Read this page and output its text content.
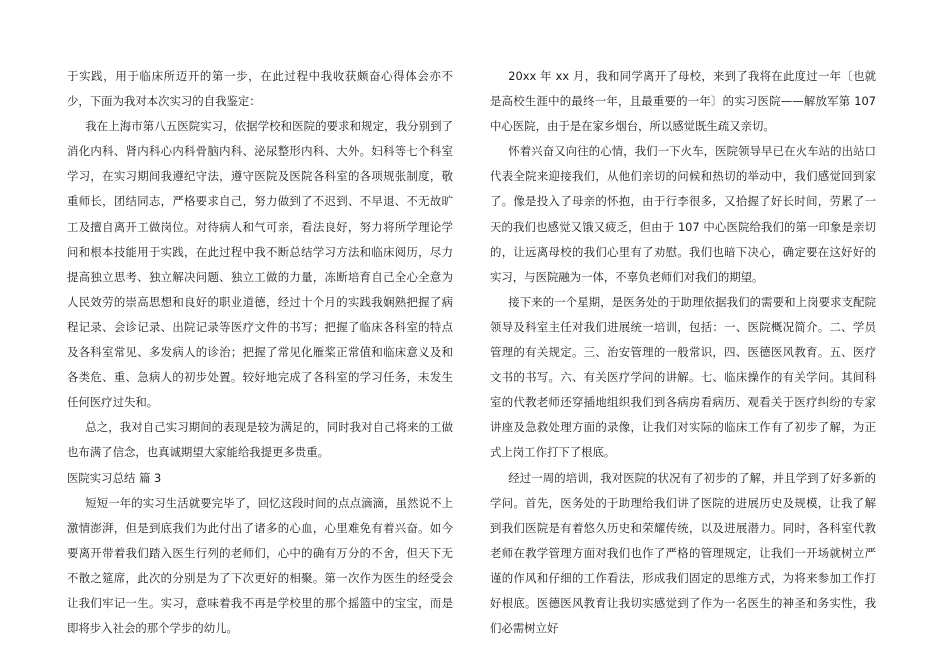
于实践，用于临床所迈开的第一步，在此过程中我收获颇奋心得体会亦不少，下面为我对本次实习的自我鉴定：

我在上海市第八五医院实习，依据学校和医院的要求和规定，我分别到了消化内科、肾内科心内科骨脑内科、泌尿整形内科、大外。妇科等七个科室学习，在实习期间我遵纪守法，遵守医院及医院各科室的各项规张制度，敬重师长，团结同志，严格要求自己，努力做到了不迟到、不早退、不无故旷工及擅自离开工做岗位。对待病人和气可亲，看法良好，努力将所学理论学问和根本技能用于实践，在此过程中我不断总结学习方法和临床阅历，尽力提高独立思考、独立解决问题、独立工做的力量，冻断培育自己全心全意为人民效劳的崇高思想和良好的职业道德，经过十个月的实践我娴熟把握了病程记录、会诊记录、出院记录等医疗文件的书写；把握了临床各科室的特点及各科室常见、多发病人的诊治；把握了常见化雁桨正常值和临床意义及和各类危、重、急病人的初步处置。较好地完成了各科室的学习任务，未发生任何医疗过失和。

总之，我对自己实习期间的表现是较为满足的，同时我对自己将来的工做也布满了信念，也真诚期望大家能给我提更多贵重。

医院实习总结 篇 3

短短一年的实习生活就要完毕了，回忆这段时间的点点滴滴，虽然说不上激情澎湃，但是到底我们为此付出了诸多的心血，心里难免有着兴奋。如今要离开带着我们踏入医生行列的老师们，心中的确有万分的不舍，但天下无不散之筵席，此次的分别是为了下次更好的相聚。第一次作为医生的经受会让我们牢记一生。实习，意味着我不再是学校里的那个摇篮中的宝宝，而是即将步入社会的那个学步的幼儿。

20xx 年 xx 月，我和同学离开了母校，来到了我将在此度过一年〔也就是高校生涯中的最终一年，且最重要的一年〕的实习医院——解放军第 107 中心医院，由于是在家乡烟台，所以感觉既生疏又亲切。

怀着兴奋又向往的心情，我们一下火车，医院领导早已在火车站的出站口代表全院来迎接我们，从他们亲切的问候和热切的举动中，我们感觉回到家了。像是投入了母亲的怀抱，由于行李很多，又拾握了好长时间，劳累了一天的我们也感觉又饿又疲乏，但由于 107 中心医院给我们的第一印象是亲切的，让远离母校的我们心里有了劝慰。我们也暗下决心，确定要在这好好的实习，与医院融为一体，不辜负老师们对我们的期望。

接下来的一个星期，是医务处的于助理依据我们的需要和上岗要求支配院领导及科室主任对我们进展统一培训，包括：一、医院概况简介。二、学员管理的有关规定。三、治安管理的一般常识，四、医德医风教育。五、医疗文书的书写。六、有关医疗学问的讲解。七、临床操作的有关学问。其间科室的代教老师还穿插地组织我们到各病房看病历、观看关于医疗纠纷的专家讲座及急救处理方面的录像，让我们对实际的临床工作有了初步了解，为正式上岗工作打下了根底。

经过一周的培训，我对医院的状况有了初步的了解，并且学到了好多新的学问。首先，医务处的于助理给我们讲了医院的进展历史及规模，让我了解到我们医院是有着悠久历史和荣耀传统，以及进展潜力。同时，各科室代教老师在教学管理方面对我们也作了严格的管理规定，让我们一开场就树立严谨的作风和仔细的工作看法，形成我们固定的思维方式，为将来参加工作打好根底。医德医风教育让我切实感觉到了作为一名医生的神圣和务实性，我们必需树立好
